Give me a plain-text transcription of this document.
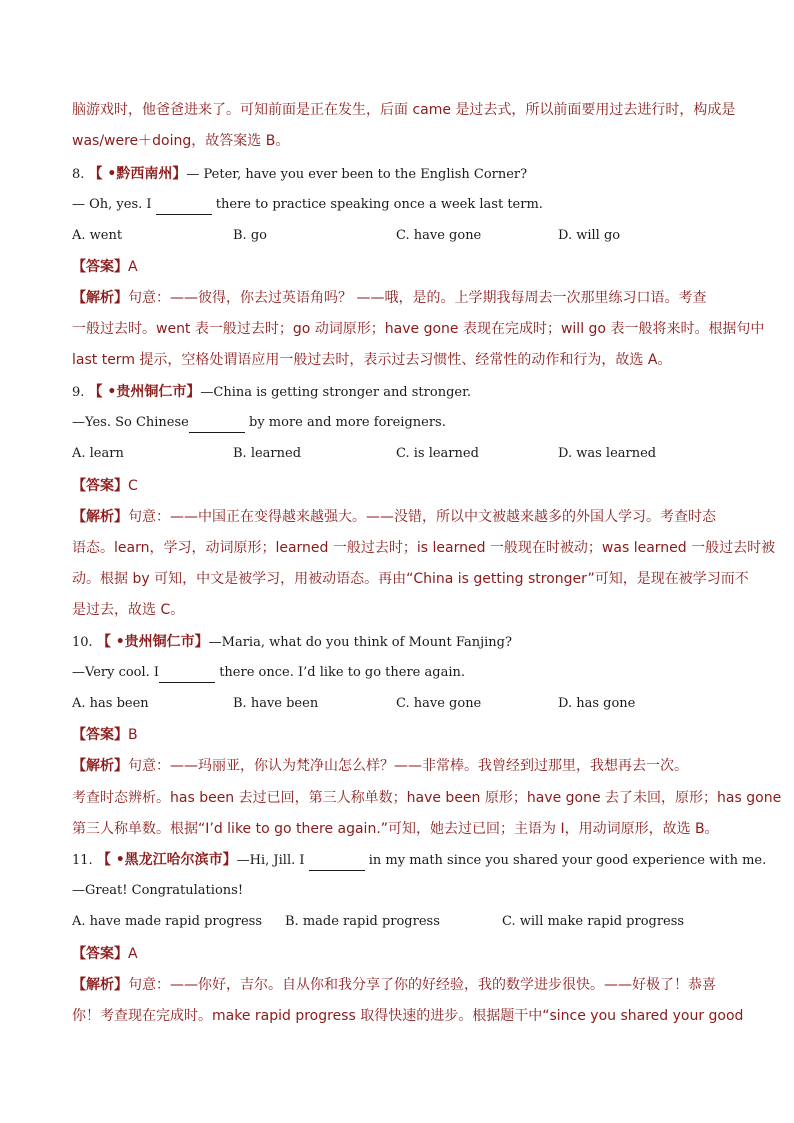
脑游戏时，他爸爸进来了。可知前面是正在发生，后面 came 是过去式，所以前面要用过去进行时，构成是
was/were＋doing，故答案选 B。
8. 【 •黔西南州】— Peter, have you ever been to the English Corner?
— Oh, yes. I	there to practice speaking once a week last term.
A. went	B. go	C. have gone	D. will go
【答案】A
【解析】句意：——彼得，你去过英语角吗？ ——哦，是的。上学期我每周去一次那里练习口语。考查
一般过去时。went 表一般过去时；go 动词原形；have gone 表现在完成时；will go 表一般将来时。根据句中
last term 提示，空格处谓语应用一般过去时，表示过去习惯性、经常性的动作和行为，故选 A。
9. 【 •贵州铜仁市】—China is getting stronger and stronger.
—Yes. So Chinese	by more and more foreigners.
A. learn	B. learned	C. is learned	D. was learned
【答案】C
【解析】句意：——中国正在变得越来越强大。——没错，所以中文被越来越多的外国人学习。考查时态
语态。learn，学习，动词原形；learned 一般过去时；is learned 一般现在时被动；was learned 一般过去时被
动。根据 by 可知，中文是被学习，用被动语态。再由“China is getting stronger”可知，是现在被学习而不
是过去，故选 C。
10. 【 •贵州铜仁市】—Maria, what do you think of Mount Fanjing?
—Very cool. I	there once. I’d like to go there again.
A. has been	B. have been	C. have gone	D. has gone
【答案】B
【解析】句意：——玛丽亚，你认为梵净山怎么样？——非常棒。我曾经到过那里，我想再去一次。
考查时态辨析。has been 去过已回，第三人称单数；have been 原形；have gone 去了未回，原形；has gone
第三人称单数。根据“I’d like to go there again.”可知，她去过已回；主语为 I，用动词原形，故选 B。
11. 【 •黑龙江哈尔滨市】—Hi, Jill. I	in my math since you shared your good experience with me.
—Great! Congratulations!
A. have made rapid progress B. made rapid progress	C. will make rapid progress
【答案】A
【解析】句意：——你好，吉尔。自从你和我分享了你的好经验，我的数学进步很快。——好极了！恭喜
你！考查现在完成时。make rapid progress 取得快速的进步。根据题干中“since you shared your good
